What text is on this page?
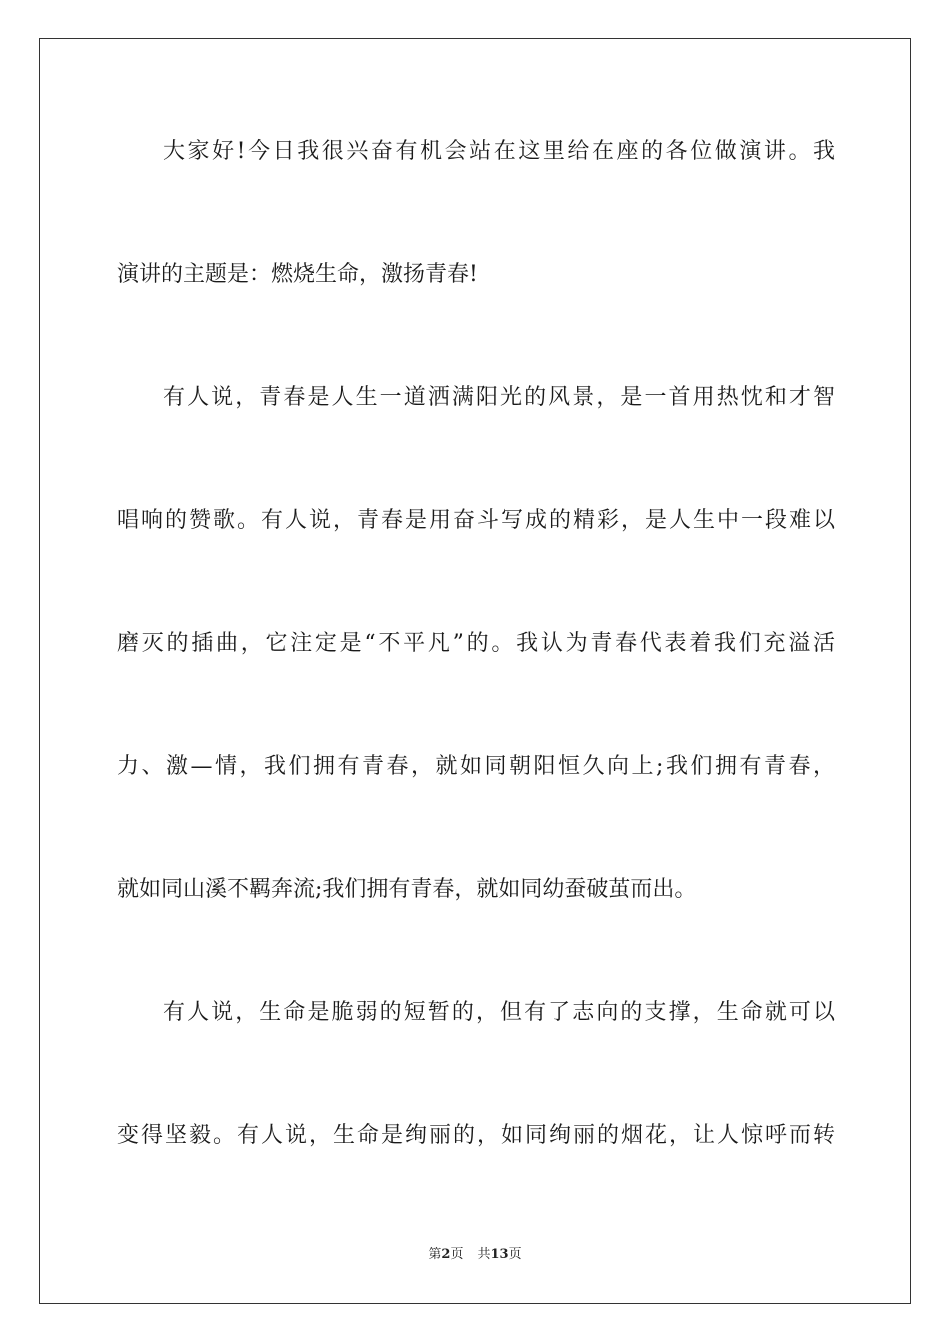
大家好!今日我很兴奋有机会站在这里给在座的各位做演讲。我
演讲的主题是：燃烧生命，激扬青春!
有人说，青春是人生一道洒满阳光的风景，是一首用热忱和才智
唱响的赞歌。有人说，青春是用奋斗写成的精彩，是人生中一段难以
磨灭的插曲，它注定是“不平凡”的。我认为青春代表着我们充溢活
力、激—情，我们拥有青春，就如同朝阳恒久向上;我们拥有青春，
就如同山溪不羁奔流;我们拥有青春，就如同幼蚕破茧而出。
有人说，生命是脆弱的短暂的，但有了志向的支撑，生命就可以
变得坚毅。有人说，生命是绚丽的，如同绚丽的烟花，让人惊呼而转
第2页 共13页
